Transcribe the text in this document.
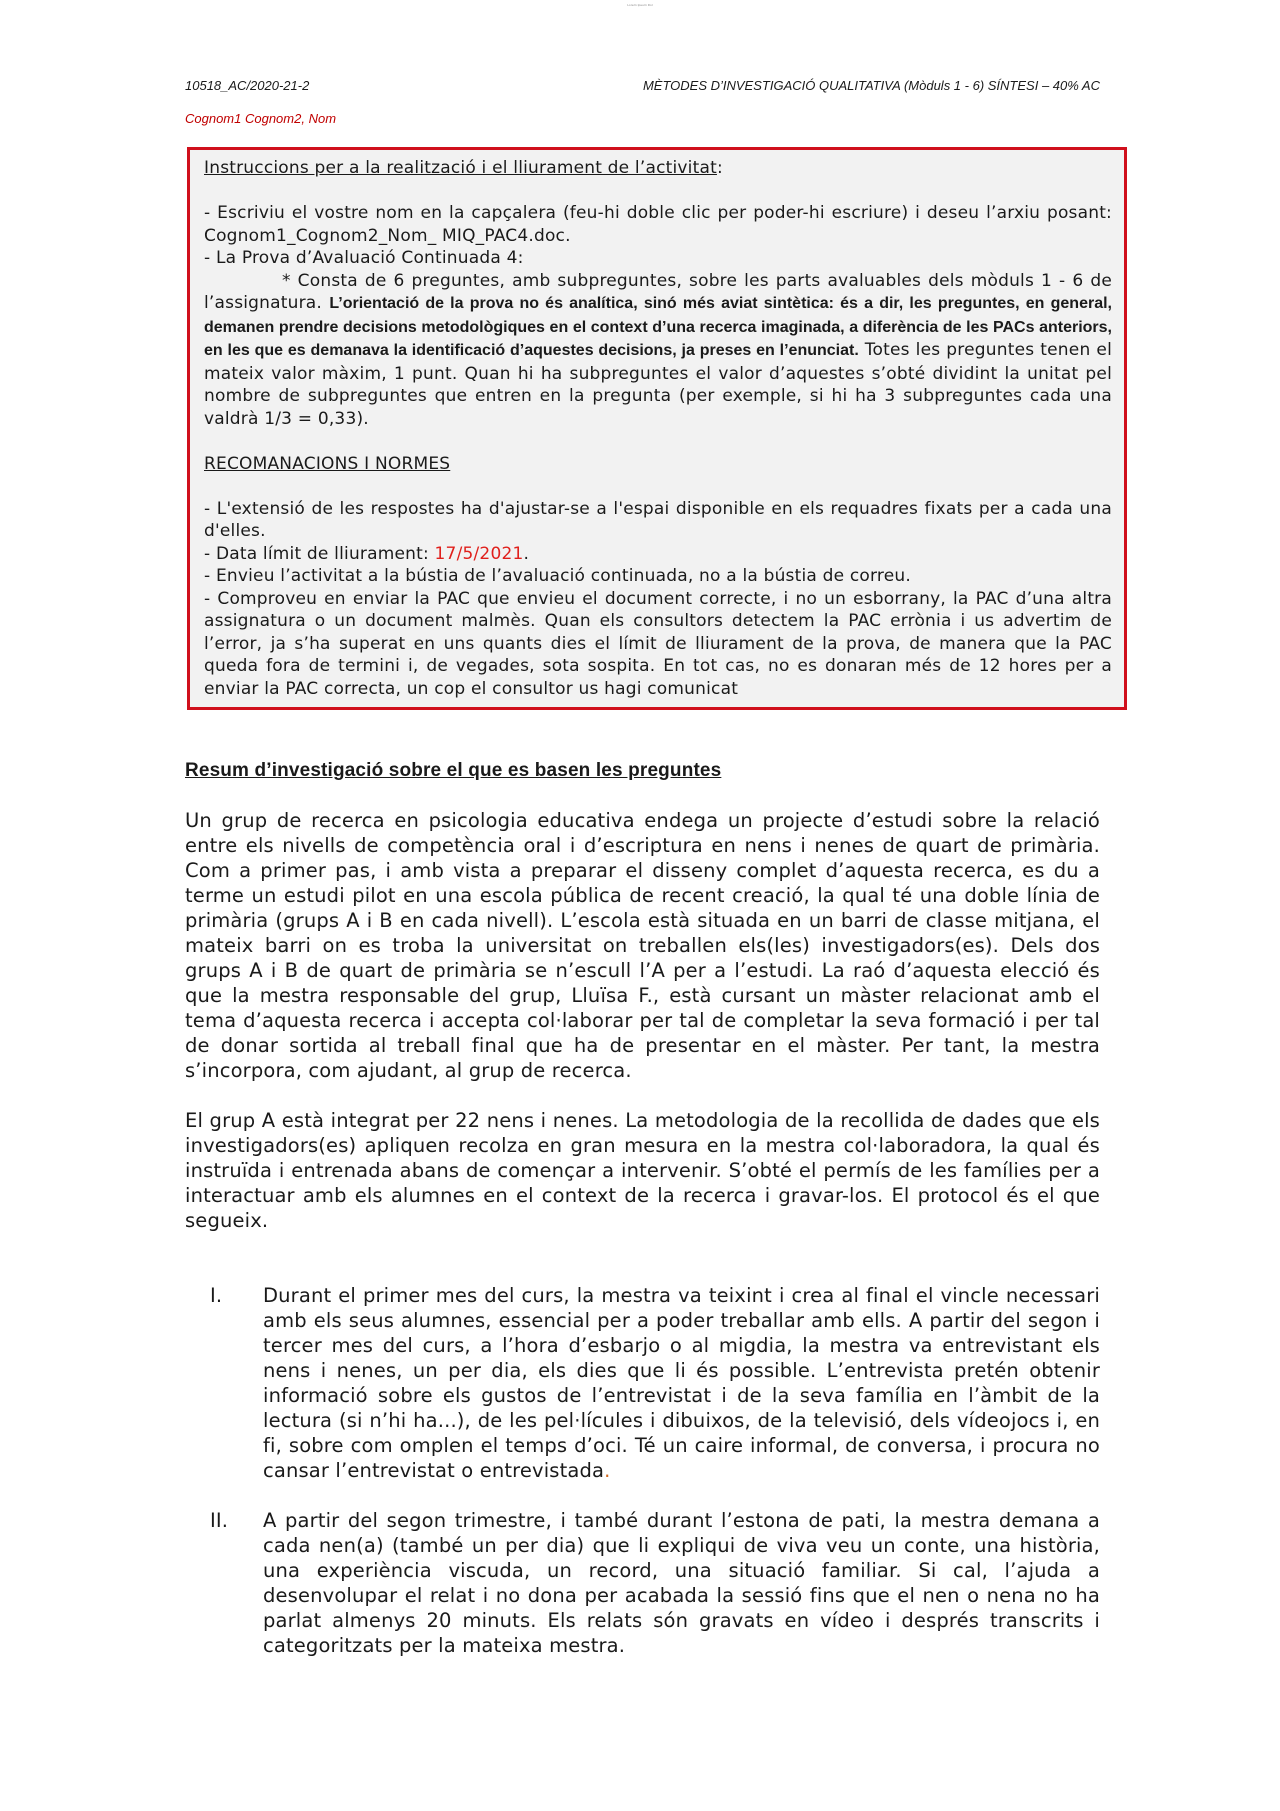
Lorem Ipsum Dol
10518_AC/2020-21-2	MÈTODES D’INVESTIGACIÓ QUALITATIVA (Mòduls 1 - 6) SÍNTESI – 40% AC
Cognom1 Cognom2, Nom

Instruccions per a la realització i el lliurament de l’activitat:

- Escriviu el vostre nom en la capçalera (feu-hi doble clic per poder-hi escriure) i deseu l’arxiu posant: Cognom1_Cognom2_Nom_ MIQ_PAC4.doc.

- La Prova d’Avaluació Continuada 4:

* Consta de 6 preguntes, amb subpreguntes, sobre les parts avaluables dels mòduls 1 - 6 de l’assignatura. L’orientació de la prova no és analítica, sinó més aviat sintètica: és a dir, les preguntes, en general, demanen prendre decisions metodològiques en el context d’una recerca imaginada, a diferència de les PACs anteriors, en les que es demanava la identificació d’aquestes decisions, ja preses en l’enunciat. Totes les preguntes tenen el mateix valor màxim, 1 punt. Quan hi ha subpreguntes el valor d’aquestes s’obté dividint la unitat pel nombre de subpreguntes que entren en la pregunta (per exemple, si hi ha 3 subpreguntes cada una valdrà 1/3 = 0,33).

RECOMANACIONS I NORMES

- L'extensió de les respostes ha d'ajustar-se a l'espai disponible en els requadres fixats per a cada una d'elles.

- Data límit de lliurament: 17/5/2021.

- Envieu l’activitat a la bústia de l’avaluació continuada, no a la bústia de correu.

- Comproveu en enviar la PAC que envieu el document correcte, i no un esborrany, la PAC d’una altra assignatura o un document malmès. Quan els consultors detectem la PAC errònia i us advertim de l’error, ja s’ha superat en uns quants dies el límit de lliurament de la prova, de manera que la PAC queda fora de termini i, de vegades, sota sospita. En tot cas, no es donaran més de 12 hores per a enviar la PAC correcta, un cop el consultor us hagi comunicat

Resum d’investigació sobre el que es basen les preguntes

Un grup de recerca en psicologia educativa endega un projecte d’estudi sobre la relació entre els nivells de competència oral i d’escriptura en nens i nenes de quart de primària. Com a primer pas, i amb vista a preparar el disseny complet d’aquesta recerca, es du a terme un estudi pilot en una escola pública de recent creació, la qual té una doble línia de primària (grups A i B en cada nivell). L’escola està situada en un barri de classe mitjana, el mateix barri on es troba la universitat on treballen els(les) investigadors(es). Dels dos grups A i B de quart de primària se n’escull l’A per a l’estudi. La raó d’aquesta elecció és que la mestra responsable del grup, Lluïsa F., està cursant un màster relacionat amb el tema d’aquesta recerca i accepta col·laborar per tal de completar la seva formació i per tal de donar sortida al treball final que ha de presentar en el màster. Per tant, la mestra s’incorpora, com ajudant, al grup de recerca.

El grup A està integrat per 22 nens i nenes. La metodologia de la recollida de dades que els investigadors(es) apliquen recolza en gran mesura en la mestra col·laboradora, la qual és instruïda i entrenada abans de començar a intervenir. S’obté el permís de les famílies per a interactuar amb els alumnes en el context de la recerca i gravar-los. El protocol és el que segueix.

I. Durant el primer mes del curs, la mestra va teixint i crea al final el vincle necessari amb els seus alumnes, essencial per a poder treballar amb ells. A partir del segon i tercer mes del curs, a l’hora d’esbarjo o al migdia, la mestra va entrevistant els nens i nenes, un per dia, els dies que li és possible. L’entrevista pretén obtenir informació sobre els gustos de l’entrevistat i de la seva família en l’àmbit de la lectura (si n’hi ha...), de les pel·lícules i dibuixos, de la televisió, dels vídeojocs i, en fi, sobre com omplen el temps d’oci. Té un caire informal, de conversa, i procura no cansar l’entrevistat o entrevistada.

II. A partir del segon trimestre, i també durant l’estona de pati, la mestra demana a cada nen(a) (també un per dia) que li expliqui de viva veu un conte, una història, una experiència viscuda, un record, una situació familiar. Si cal, l’ajuda a desenvolupar el relat i no dona per acabada la sessió fins que el nen o nena no ha parlat almenys 20 minuts. Els relats són gravats en vídeo i després transcrits i categoritzats per la mateixa mestra.
